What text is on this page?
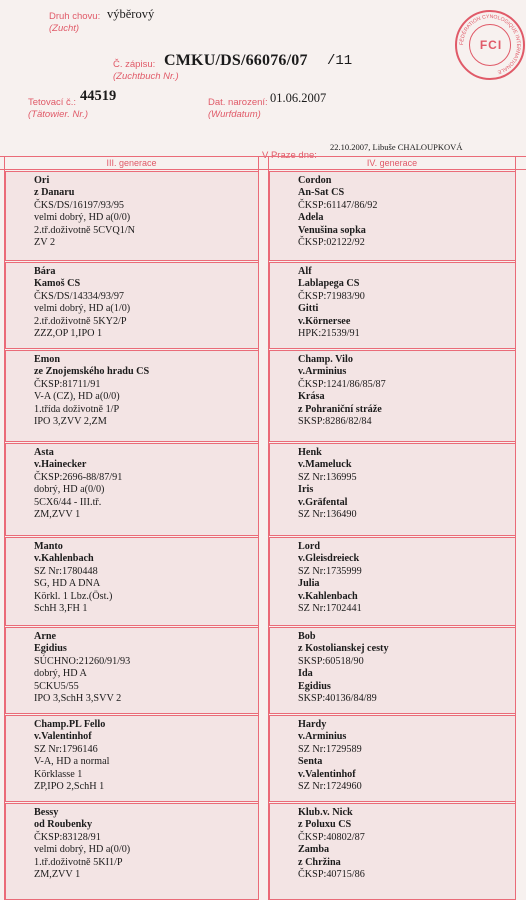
Druh chovu:
(Zucht)
výběrový
Č. zápisu:
(Zuchtbuch Nr.)
CMKU/DS/66076/07 /11
Tetovací č.:
(Tätowier. Nr.)
44519	Dat. narození:
(Wurfdatum)
01.06.2007
22.10.2007, Libuše CHALOUPKOVÁ
FÉDÉRATION CYNOLOGIQUE INTERNATIONALE
FCI
III. generace	IV. generace
Ori
z Danaru
ČKS/DS/16197/93/95
velmi dobrý, HD a(0/0)
2.tř.doživotně 5CVQ1/N
ZV 2
Cordon
An-Sat CS
ČKSP:61147/86/92
Adela
Venušina sopka
ČKSP:02122/92
Bára
Kamoš CS
ČKS/DS/14334/93/97
velmi dobrý, HD a(1/0)
2.tř.doživotně 5KY2/P
ZZZ,OP 1,IPO 1
Alf
Lablapega CS
ČKSP:71983/90
Gitti
v.Körnersee
HPK:21539/91
Emon
ze Znojemského hradu CS
ČKSP:81711/91
V-A (CZ), HD a(0/0)
1.třída doživotně 1/P
IPO 3,ZVV 2,ZM
Champ. Vilo
v.Arminius
ČKSP:1241/86/85/87
Krása
z Pohraniční stráže
SKSP:8286/82/84
Asta
v.Hainecker
ČKSP:2696-88/87/91
dobrý, HD a(0/0)
5CX6/44 - III.tř.
ZM,ZVV 1
Henk
v.Mameluck
SZ Nr:136995
Iris
v.Gräfental
SZ Nr:136490
Manto
v.Kahlenbach
SZ Nr:1780448
SG, HD A DNA
Körkl. 1 Lbz.(Öst.)
SchH 3,FH 1
Lord
v.Gleisdreieck
SZ Nr:1735999
Julia
v.Kahlenbach
SZ Nr:1702441
Arne
Egidius
SÚCHNO:21260/91/93
dobrý, HD A
5CKU5/55
IPO 3,SchH 3,SVV 2
Bob
z Kostolianskej cesty
SKSP:60518/90
Ida
Egidius
SKSP:40136/84/89
Champ.PL Fello
v.Valentinhof
SZ Nr:1796146
V-A, HD a normal
Körklasse 1
ZP,IPO 2,SchH 1
Hardy
v.Arminius
SZ Nr:1729589
Senta
v.Valentinhof
SZ Nr:1724960
Bessy
od Roubenky
ČKSP:83128/91
velmi dobrý, HD a(0/0)
1.tř.doživotně 5KI1/P
ZM,ZVV 1
Klub.v. Nick
z Poluxu CS
ČKSP:40802/87
Zamba
z Chržina
ČKSP:40715/86
